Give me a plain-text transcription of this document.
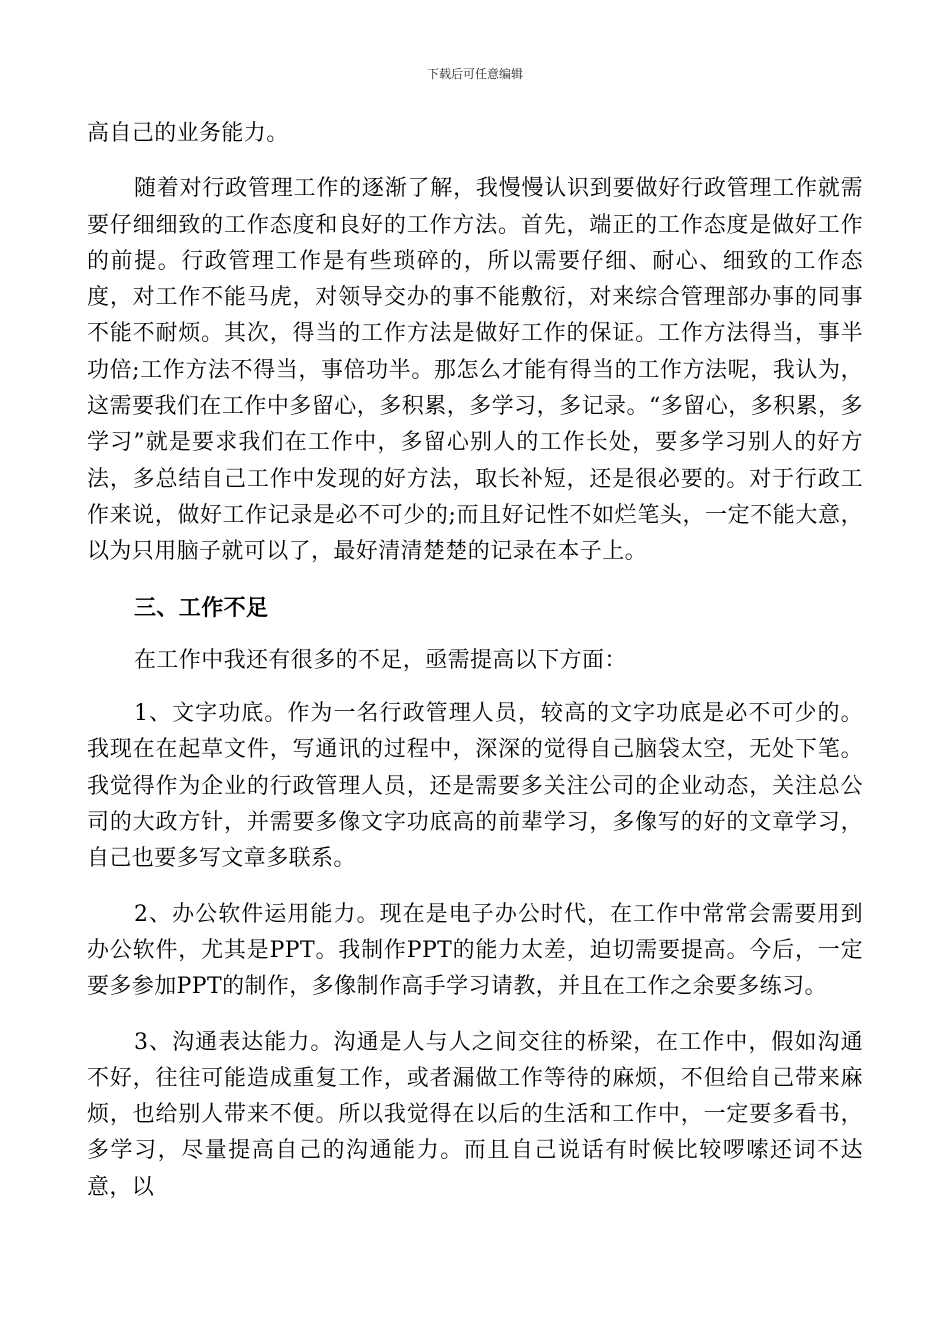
下载后可任意编辑

高自己的业务能力。

随着对行政管理工作的逐渐了解，我慢慢认识到要做好行政管理工作就需要仔细细致的工作态度和良好的工作方法。首先，端正的工作态度是做好工作的前提。行政管理工作是有些琐碎的，所以需要仔细、耐心、细致的工作态度，对工作不能马虎，对领导交办的事不能敷衍，对来综合管理部办事的同事不能不耐烦。其次，得当的工作方法是做好工作的保证。工作方法得当，事半功倍;工作方法不得当，事倍功半。那怎么才能有得当的工作方法呢，我认为，这需要我们在工作中多留心，多积累，多学习，多记录。“多留心，多积累，多学习”就是要求我们在工作中，多留心别人的工作长处，要多学习别人的好方法，多总结自己工作中发现的好方法，取长补短，还是很必要的。对于行政工作来说，做好工作记录是必不可少的;而且好记性不如烂笔头，一定不能大意，以为只用脑子就可以了，最好清清楚楚的记录在本子上。

三、工作不足

在工作中我还有很多的不足，亟需提高以下方面：

1、文字功底。作为一名行政管理人员，较高的文字功底是必不可少的。我现在在起草文件，写通讯的过程中，深深的觉得自己脑袋太空，无处下笔。我觉得作为企业的行政管理人员，还是需要多关注公司的企业动态，关注总公司的大政方针，并需要多像文字功底高的前辈学习，多像写的好的文章学习，自己也要多写文章多联系。

2、办公软件运用能力。现在是电子办公时代，在工作中常常会需要用到办公软件，尤其是PPT。我制作PPT的能力太差，迫切需要提高。今后，一定要多参加PPT的制作，多像制作高手学习请教，并且在工作之余要多练习。

3、沟通表达能力。沟通是人与人之间交往的桥梁，在工作中，假如沟通不好，往往可能造成重复工作，或者漏做工作等待的麻烦，不但给自己带来麻烦，也给别人带来不便。所以我觉得在以后的生活和工作中，一定要多看书，多学习，尽量提高自己的沟通能力。而且自己说话有时候比较啰嗦还词不达意，以
